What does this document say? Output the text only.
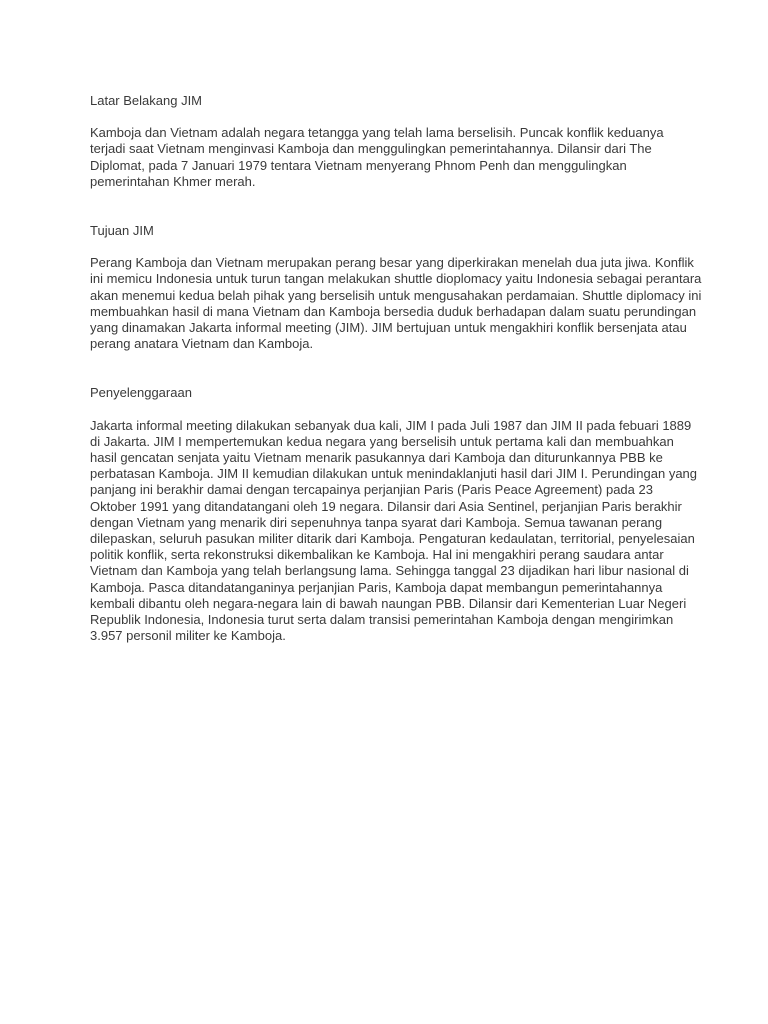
Latar Belakang JIM

Kamboja dan Vietnam adalah negara tetangga yang telah lama berselisih. Puncak konflik keduanya terjadi saat Vietnam menginvasi Kamboja dan menggulingkan pemerintahannya. Dilansir dari The Diplomat, pada 7 Januari 1979 tentara Vietnam menyerang Phnom Penh dan menggulingkan pemerintahan Khmer merah.

Tujuan JIM

Perang Kamboja dan Vietnam merupakan perang besar yang diperkirakan menelah dua juta jiwa. Konflik ini memicu Indonesia untuk turun tangan melakukan shuttle dioplomacy yaitu Indonesia sebagai perantara akan menemui kedua belah pihak yang berselisih untuk mengusahakan perdamaian. Shuttle diplomacy ini membuahkan hasil di mana Vietnam dan Kamboja bersedia duduk berhadapan dalam suatu perundingan yang dinamakan Jakarta informal meeting (JIM). JIM bertujuan untuk mengakhiri konflik bersenjata atau perang anatara Vietnam dan Kamboja.

Penyelenggaraan

Jakarta informal meeting dilakukan sebanyak dua kali, JIM I pada Juli 1987 dan JIM II pada febuari 1889 di Jakarta. JIM I mempertemukan kedua negara yang berselisih untuk pertama kali dan membuahkan hasil gencatan senjata yaitu Vietnam menarik pasukannya dari Kamboja dan diturunkannya PBB ke perbatasan Kamboja. JIM II kemudian dilakukan untuk menindaklanjuti hasil dari JIM I. Perundingan yang panjang ini berakhir damai dengan tercapainya perjanjian Paris (Paris Peace Agreement) pada 23 Oktober 1991 yang ditandatangani oleh 19 negara. Dilansir dari Asia Sentinel, perjanjian Paris berakhir dengan Vietnam yang menarik diri sepenuhnya tanpa syarat dari Kamboja. Semua tawanan perang dilepaskan, seluruh pasukan militer ditarik dari Kamboja. Pengaturan kedaulatan, territorial, penyelesaian politik konflik, serta rekonstruksi dikembalikan ke Kamboja. Hal ini mengakhiri perang saudara antar Vietnam dan Kamboja yang telah berlangsung lama. Sehingga tanggal 23 dijadikan hari libur nasional di Kamboja. Pasca ditandatanganinya perjanjian Paris, Kamboja dapat membangun pemerintahannya kembali dibantu oleh negara-negara lain di bawah naungan PBB. Dilansir dari Kementerian Luar Negeri Republik Indonesia, Indonesia turut serta dalam transisi pemerintahan Kamboja dengan mengirimkan 3.957 personil militer ke Kamboja.
